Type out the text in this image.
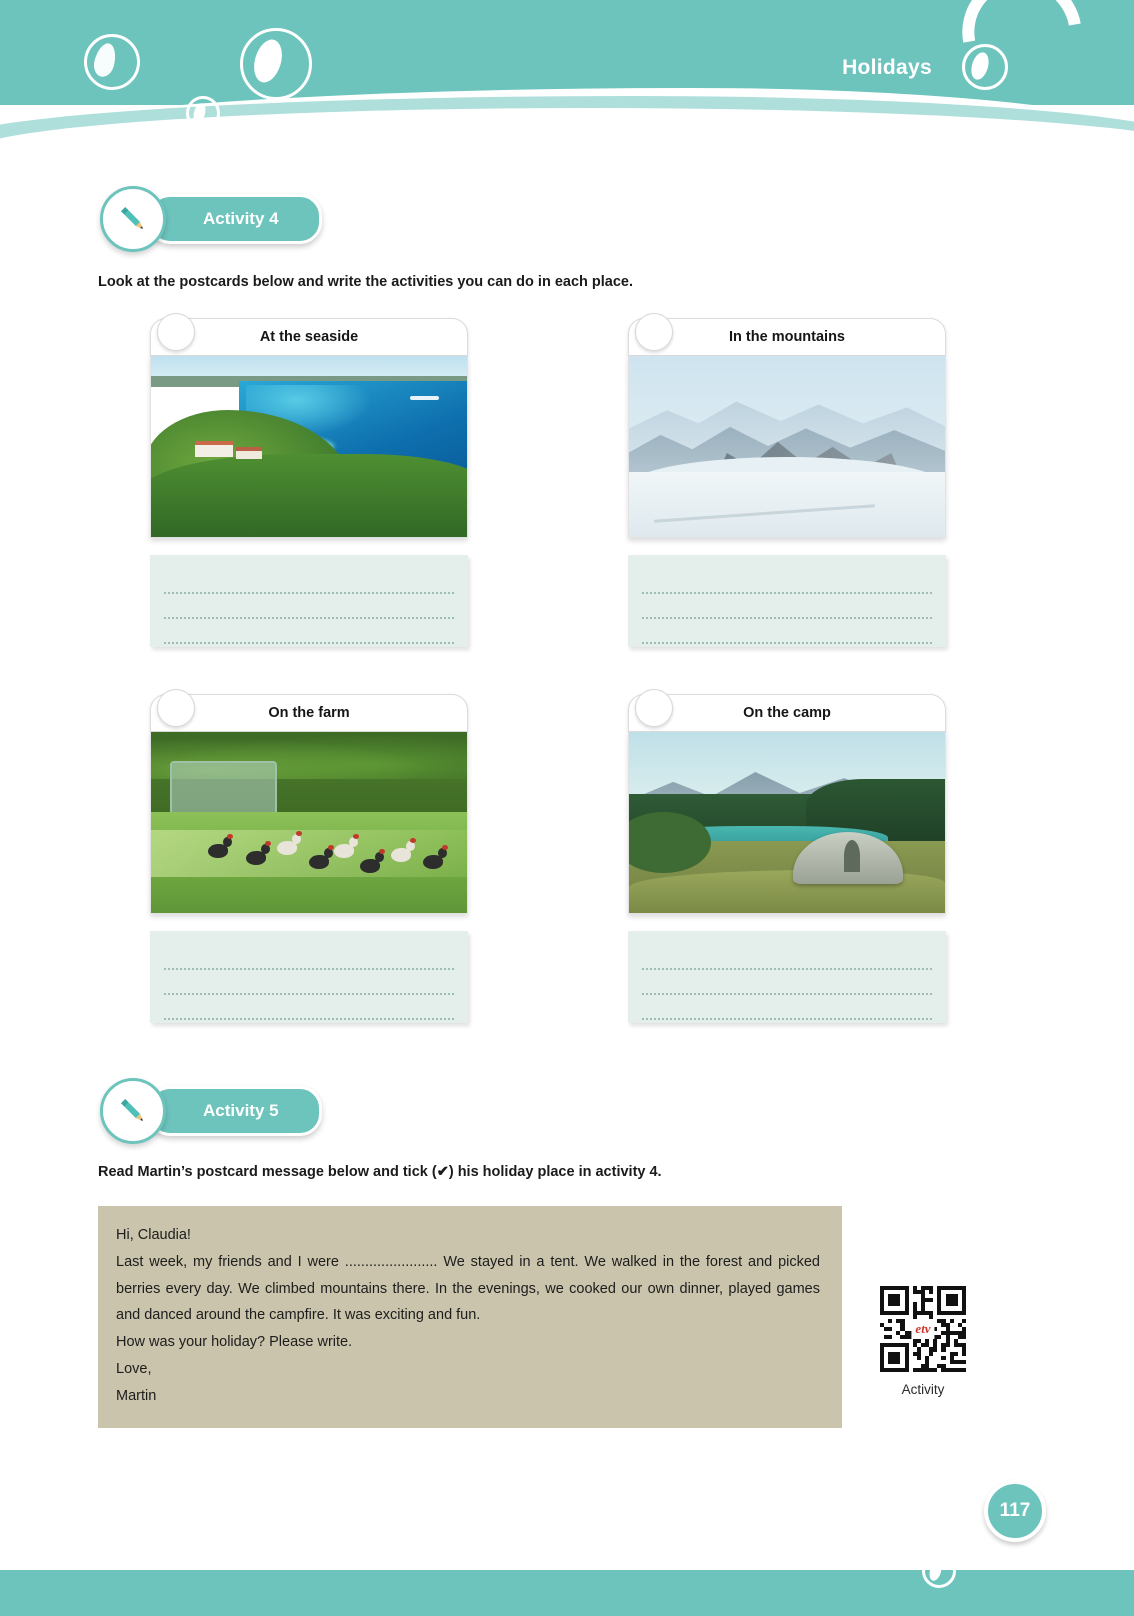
Holidays
Activity 4
Look at the postcards below and write the activities you can do in each place.
At the seaside	In the mountains
On the farm	On the camp
Activity 5
Read Martin’s postcard message below and tick (✔) his holiday place in activity 4.

Hi, Claudia!

Last week, my friends and I were ....................... We stayed in a tent. We walked in the forest and picked berries every day. We climbed mountains there. In the evenings, we cooked our own dinner, played games and danced around the campfire. It was exciting and fun.

How was your holiday? Please write.

Love,

Martin

etv
Activity
117
